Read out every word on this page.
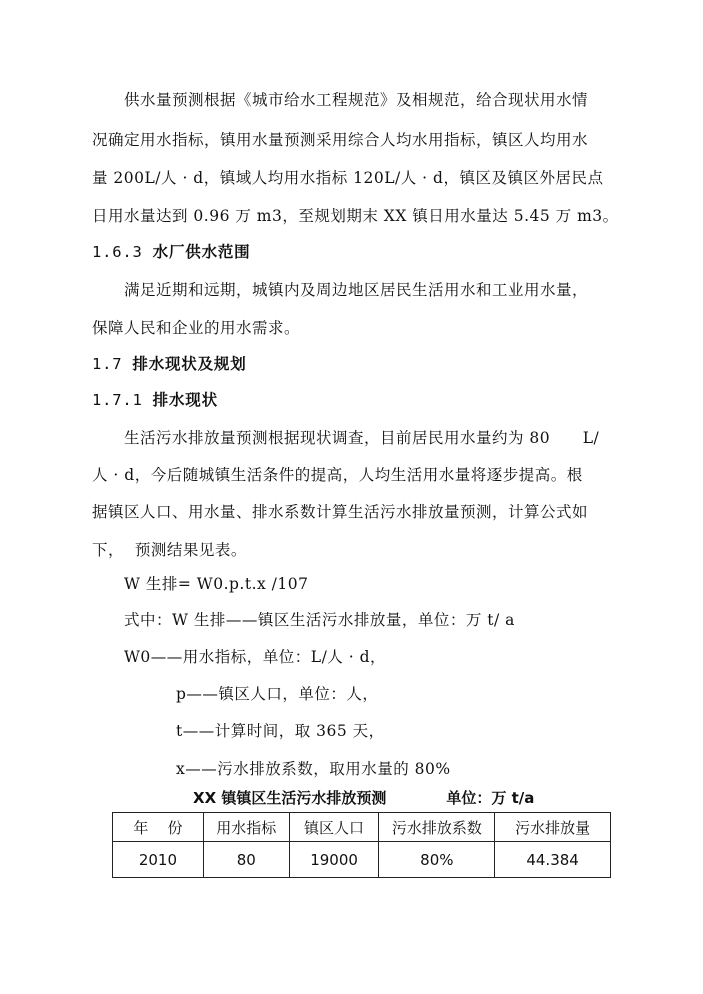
供水量预测根据《城市给水工程规范》及相规范，给合现状用水情
况确定用水指标，镇用水量预测采用综合人均水用指标，镇区人均用水
量 200L/人 · d，镇域人均用水指标 120L/人 · d，镇区及镇区外居民点
日用水量达到 0.96 万 m3，至规划期末 XX 镇日用水量达 5.45 万 m3。
1.6.3 水厂供水范围
满足近期和远期，城镇内及周边地区居民生活用水和工业用水量，
保障人民和企业的用水需求。
1.7 排水现状及规划
1.7.1 排水现状
生活污水排放量预测根据现状调查，目前居民用水量约为 80      L/
人 · d，今后随城镇生活条件的提高，人均生活用水量将逐步提高。根
据镇区人口、用水量、排水系数计算生活污水排放量预测，计算公式如
下，  预测结果见表。
W 生排= W0.p.t.x /107
式中：W 生排——镇区生活污水排放量，单位：万 t/ a
W0——用水指标，单位：L/人 · d，
p——镇区人口，单位：人，
t——计算时间，取 365 天，
x——污水排放系数，取用水量的 80%
XX 镇镇区生活污水排放预测	单位：万 t/a
年    份	用水指标	镇区人口	污水排放系数	污水排放量
2010	80	19000	80%	44.384
